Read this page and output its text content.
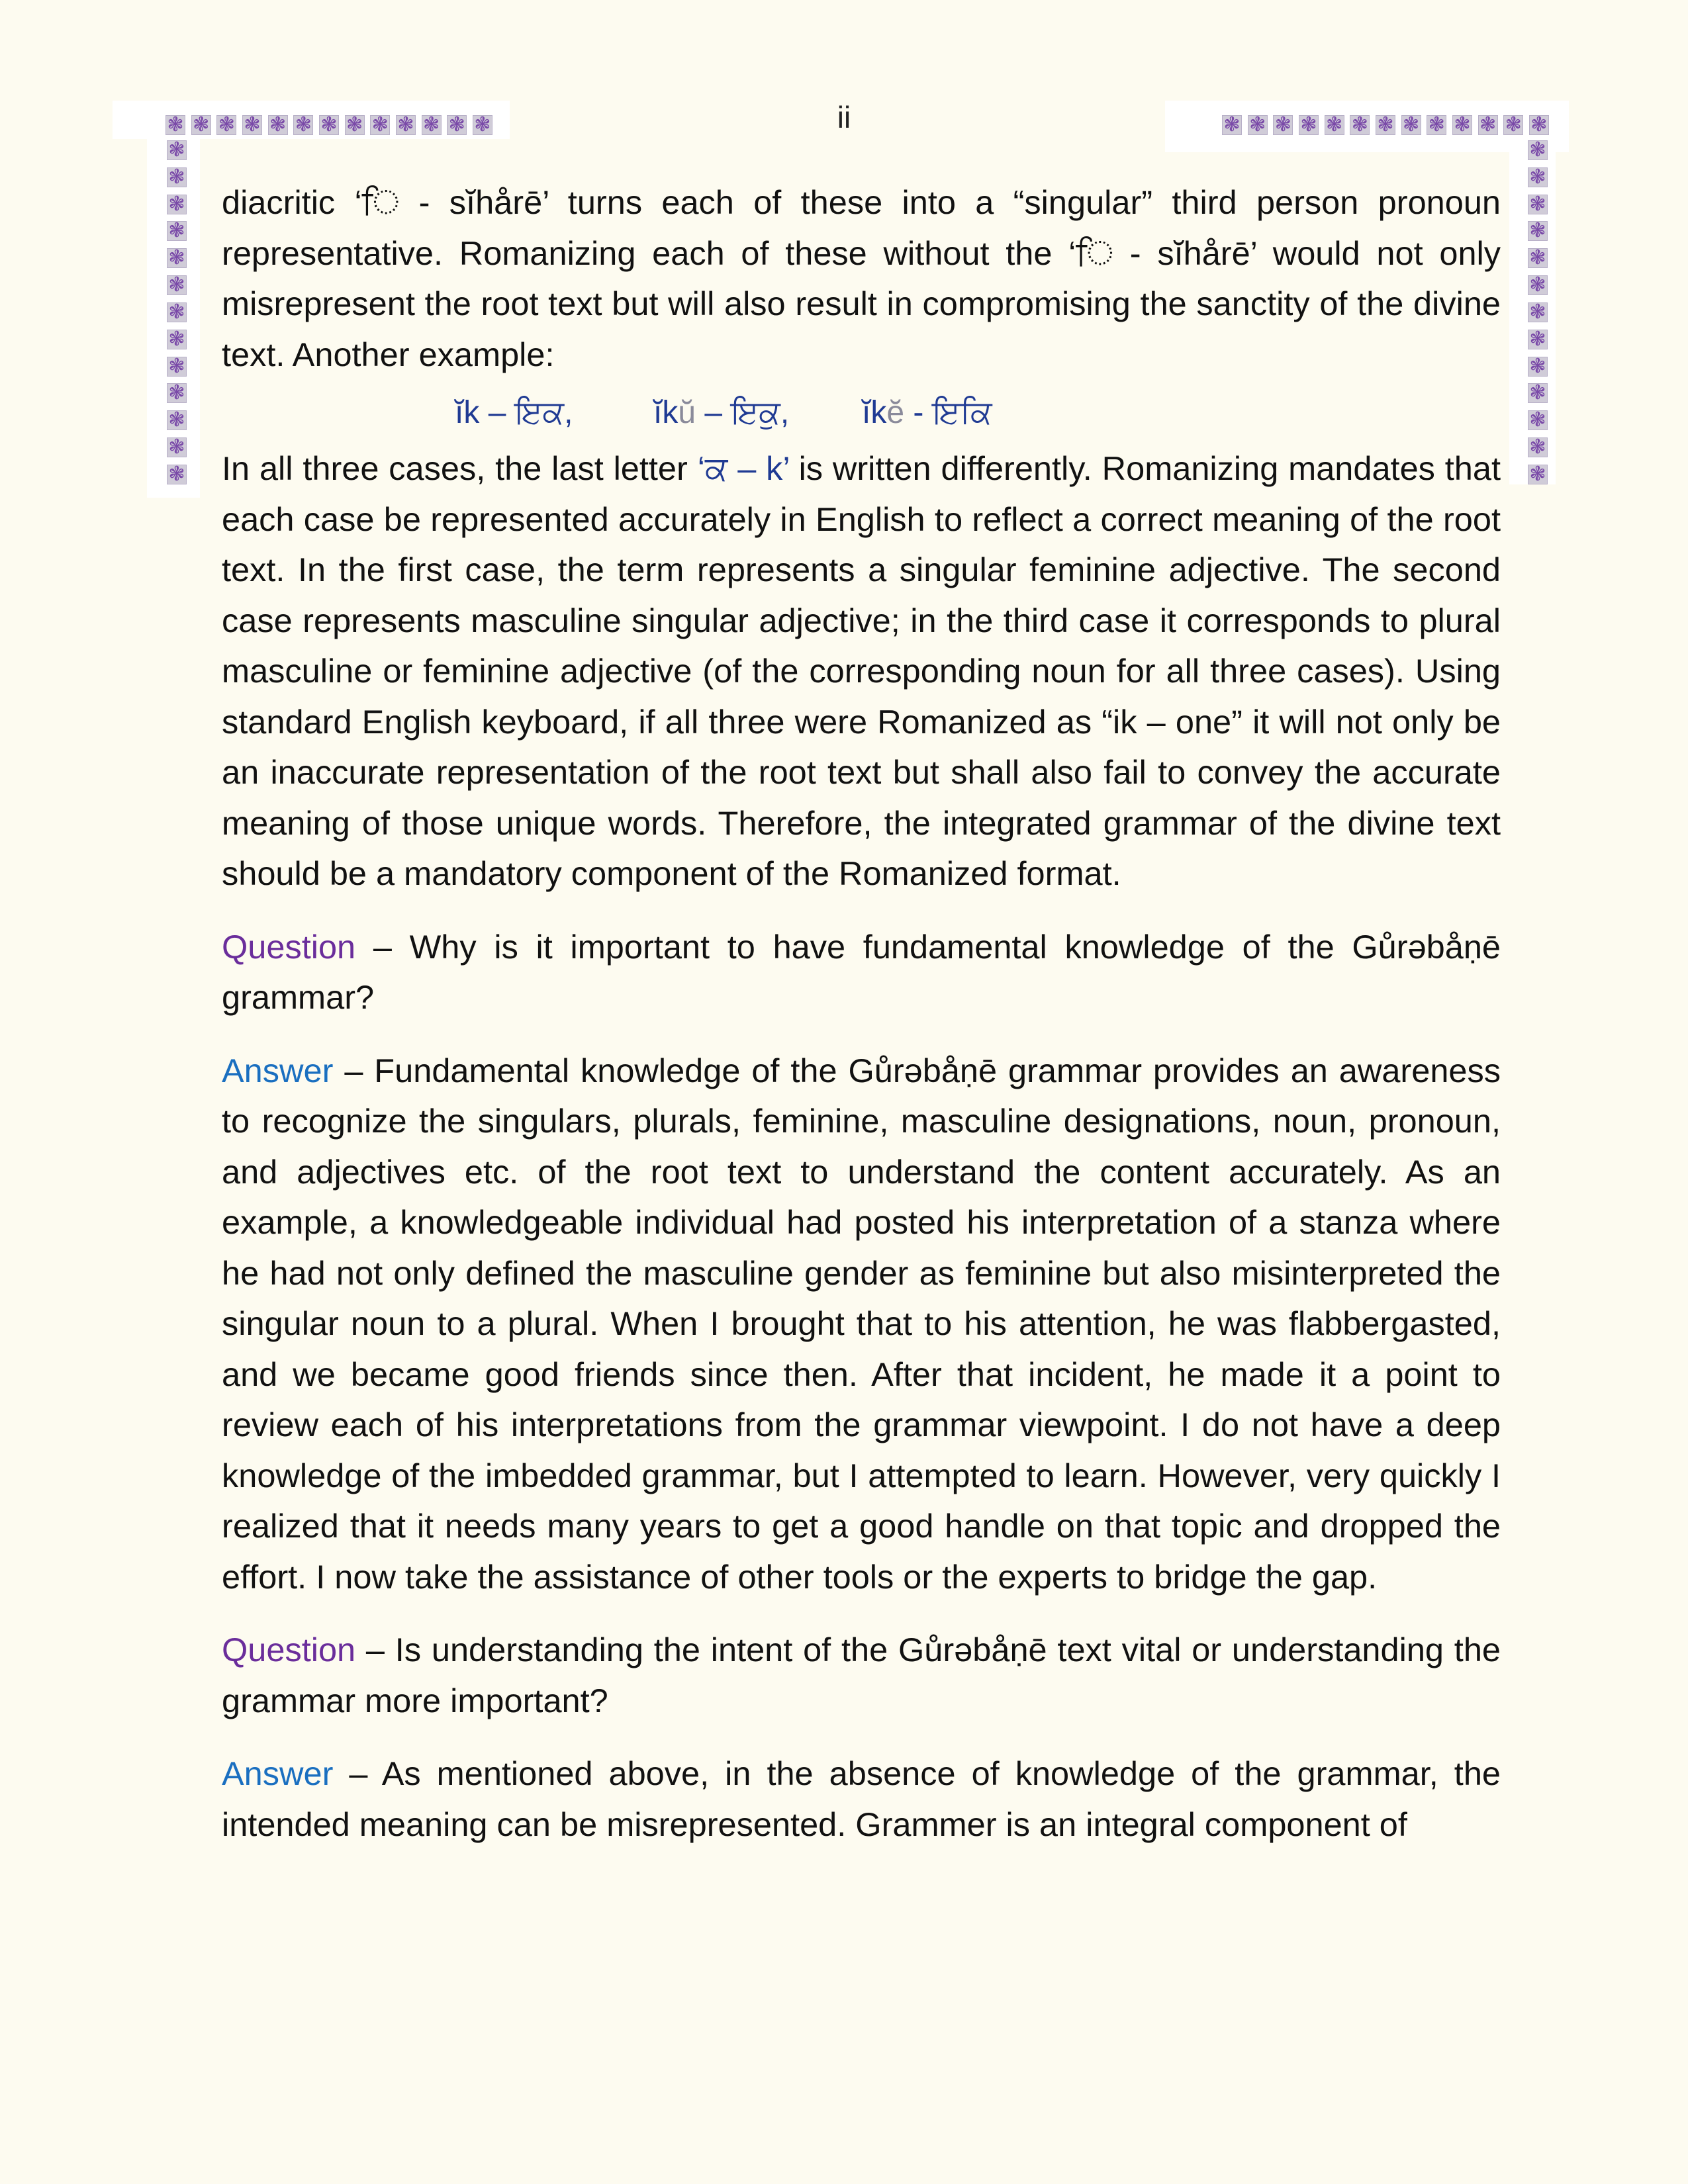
❃ ❃ ❃ ❃ ❃ ❃ ❃ ❃ ❃ ❃ ❃ ❃ ❃
❃
❃
❃
❃
❃
❃
❃
❃
❃
❃
❃
❃
❃
❃ ❃ ❃ ❃ ❃ ❃ ❃ ❃ ❃ ❃ ❃ ❃ ❃
❃
❃
❃
❃
❃
❃
❃
❃
❃
❃
❃
❃
❃
ii

diacritic ‘ਿ - sĭhårē’ turns each of these into a “singular” third person pronoun representative. Romanizing each of these without the ‘ਿ - sĭhårē’ would not only misrepresent the root text but will also result in compromising the sanctity of the divine text. Another example:

ĭk – ਇਕ,	ĭkŭ – ਇਕੁ, ĭkĕ - ਇਕਿ

In all three cases, the last letter ‘ਕ – k’ is written differently. Romanizing mandates that each case be represented accurately in English to reflect a correct meaning of the root text. In the first case, the term represents a singular feminine adjective. The second case represents masculine singular adjective; in the third case it corresponds to plural masculine or feminine adjective (of the corresponding noun for all three cases). Using standard English keyboard, if all three were Romanized as “ik – one” it will not only be an inaccurate representation of the root text but shall also fail to convey the accurate meaning of those unique words. Therefore, the integrated grammar of the divine text should be a mandatory component of the Romanized format.

Question – Why is it important to have fundamental knowledge of the Gůrəbåṇē grammar?

Answer – Fundamental knowledge of the Gůrəbåṇē grammar provides an awareness to recognize the singulars, plurals, feminine, masculine designations, noun, pronoun, and adjectives etc. of the root text to understand the content accurately. As an example, a knowledgeable individual had posted his interpretation of a stanza where he had not only defined the masculine gender as feminine but also misinterpreted the singular noun to a plural. When I brought that to his attention, he was flabbergasted, and we became good friends since then. After that incident, he made it a point to review each of his interpretations from the grammar viewpoint. I do not have a deep knowledge of the imbedded grammar, but I attempted to learn. However, very quickly I realized that it needs many years to get a good handle on that topic and dropped the effort. I now take the assistance of other tools or the experts to bridge the gap.

Question – Is understanding the intent of the Gůrəbåṇē text vital or understanding the grammar more important?

Answer – As mentioned above, in the absence of knowledge of the grammar, the intended meaning can be misrepresented. Grammer is an integral component of
